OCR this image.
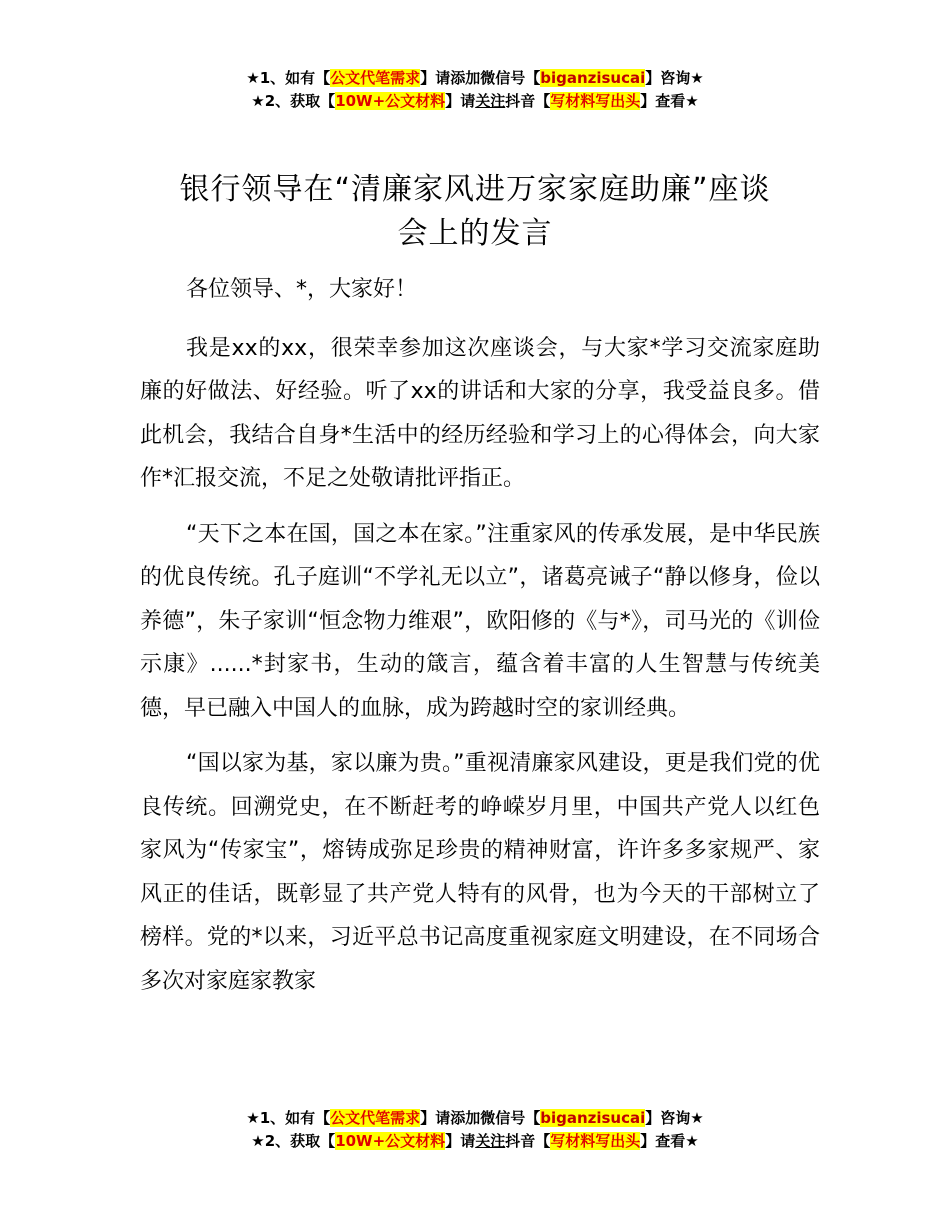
★1、如有【公文代笔需求】请添加微信号【biganzisucai】咨询★
★2、获取【10W+公文材料】请关注抖音【写材料写出头】查看★
银行领导在“清廉家风进万家家庭助廉”座谈
会上的发言

各位领导、*，大家好！

我是xx的xx，很荣幸参加这次座谈会，与大家*学习交流家庭助廉的好做法、好经验。听了xx的讲话和大家的分享，我受益良多。借此机会，我结合自身*生活中的经历经验和学习上的心得体会，向大家作*汇报交流，不足之处敬请批评指正。

“天下之本在国，国之本在家。”注重家风的传承发展，是中华民族的优良传统。孔子庭训“不学礼无以立”，诸葛亮诫子“静以修身，俭以养德”，朱子家训“恒念物力维艰”，欧阳修的《与*》，司马光的《训俭示康》......*封家书，生动的箴言，蕴含着丰富的人生智慧与传统美德，早已融入中国人的血脉，成为跨越时空的家训经典。

“国以家为基，家以廉为贵。”重视清廉家风建设，更是我们党的优良传统。回溯党史，在不断赶考的峥嵘岁月里，中国共产党人以红色家风为“传家宝”，熔铸成弥足珍贵的精神财富，许许多多家规严、家风正的佳话，既彰显了共产党人特有的风骨，也为今天的干部树立了榜样。党的*以来，习近平总书记高度重视家庭文明建设，在不同场合多次对家庭家教家

★1、如有【公文代笔需求】请添加微信号【biganzisucai】咨询★
★2、获取【10W+公文材料】请关注抖音【写材料写出头】查看★
